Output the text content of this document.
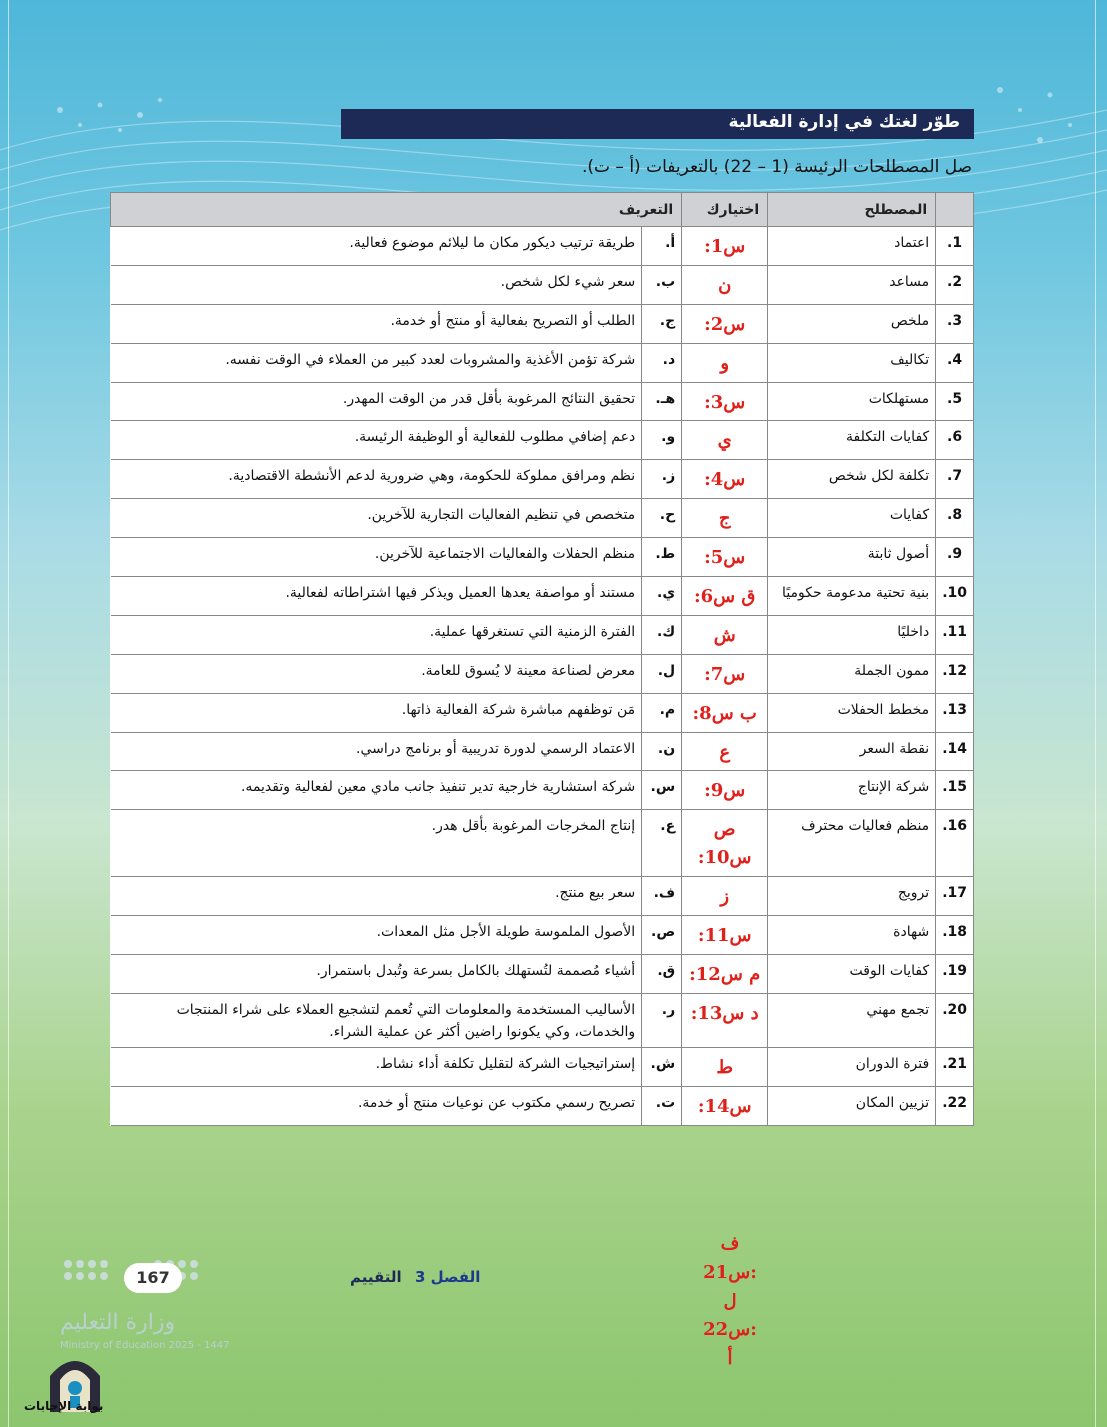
طوّر لغتك في إدارة الفعالية
صل المصطلحات الرئيسة (1 – 22) بالتعريفات (أ – ت).
	المصطلح	اختيارك	التعريف	
1.	اعتماد	س1:	أ.	طريقة ترتيب ديكور مكان ما ليلائم موضوع فعالية.
2.	مساعد	ن	ب.	سعر شيء لكل شخص.
3.	ملخص	س2:	ج.	الطلب أو التصريح بفعالية أو منتج أو خدمة.
4.	تكاليف	و	د.	شركة تؤمن الأغذية والمشروبات لعدد كبير من العملاء في الوقت نفسه.
5.	مستهلكات	س3:	هـ.	تحقيق النتائج المرغوبة بأقل قدر من الوقت المهدر.
6.	كفايات التكلفة	ي	و.	دعم إضافي مطلوب للفعالية أو الوظيفة الرئيسة.
7.	تكلفة لكل شخص	س4:	ز.	نظم ومرافق مملوكة للحكومة، وهي ضرورية لدعم الأنشطة الاقتصادية.
8.	كفايات	ج	ح.	متخصص في تنظيم الفعاليات التجارية للآخرين.
9.	أصول ثابتة	س5:	ط.	منظم الحفلات والفعاليات الاجتماعية للآخرين.
10.	بنية تحتية مدعومة حكوميًا	ق س6:	ي.	مستند أو مواصفة يعدها العميل ويذكر فيها اشتراطاته لفعالية.
11.	داخليًا	ش	ك.	الفترة الزمنية التي تستغرقها عملية.
12.	ممون الجملة	س7:	ل.	معرض لصناعة معينة لا يُسوق للعامة.
13.	مخطط الحفلات	ب س8:	م.	مَن توظفهم مباشرة شركة الفعالية ذاتها.
14.	نقطة السعر	ع	ن.	الاعتماد الرسمي لدورة تدريبية أو برنامج دراسي.
15.	شركة الإنتاج	س9:	س.	شركة استشارية خارجية تدير تنفيذ جانب مادي معين لفعالية وتقديمه.
16.	منظم فعاليات محترف	ص س10:	ع.	إنتاج المخرجات المرغوبة بأقل هدر.
17.	ترويج	ز	ف.	سعر بيع منتج.
18.	شهادة	س11:	ص.	الأصول الملموسة طويلة الأجل مثل المعدات.
19.	كفايات الوقت	م س12:	ق.	أشياء مُصممة لتُستهلك بالكامل بسرعة وتُبدل باستمرار.
20.	تجمع مهني	د س13:	ر.	الأساليب المستخدمة والمعلومات التي تُعمم لتشجيع العملاء على شراء المنتجات والخدمات، وكي يكونوا راضين أكثر عن عملية الشراء.
21.	فترة الدوران	ط	ش.	إستراتيجيات الشركة لتقليل تكلفة أداء نشاط.
22.	تزيين المكان	س14:	ت.	تصريح رسمي مكتوب عن نوعيات منتج أو خدمة.
ف
س21:
ل
س22:
أ
167
وزارة التعليم
Ministry of Education 2025 - 1447
الفصل 3 التقييم
بوابة الإجابات
